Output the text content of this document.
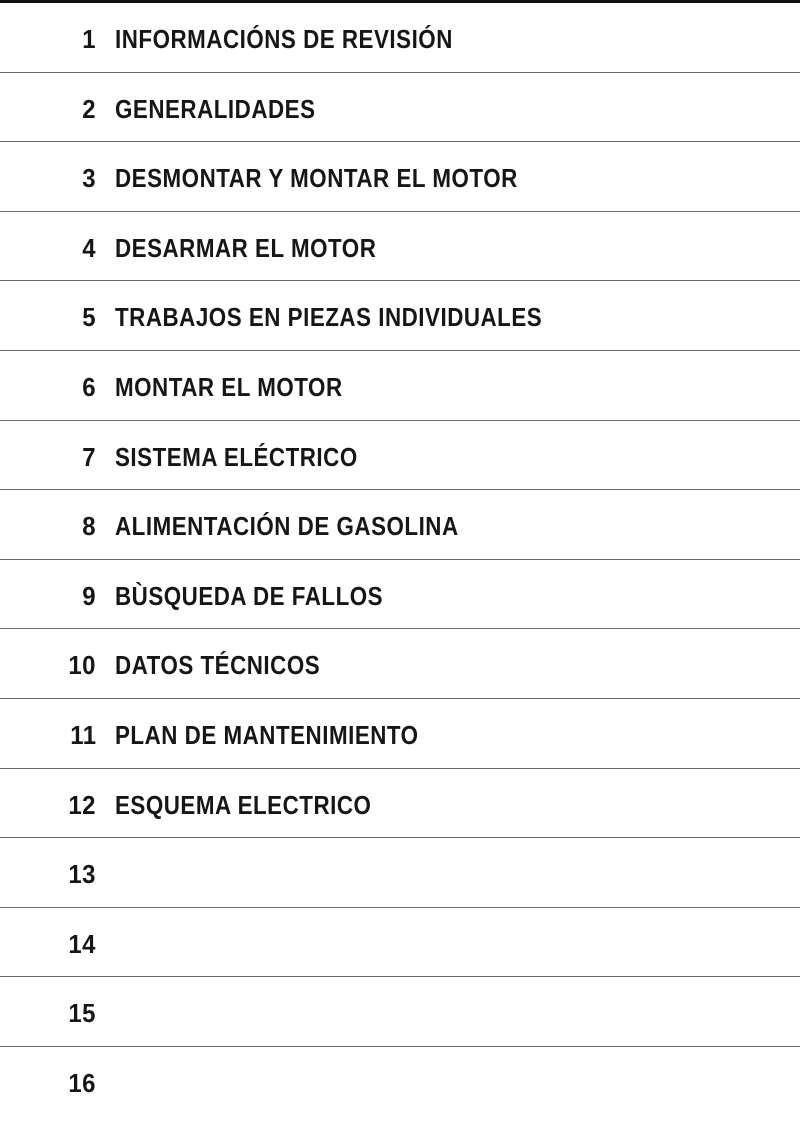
1 INFORMACIÓNS DE REVISIÓN
2 GENERALIDADES
3 DESMONTAR Y MONTAR EL MOTOR
4 DESARMAR EL MOTOR
5 TRABAJOS EN PIEZAS INDIVIDUALES
6 MONTAR EL MOTOR
7 SISTEMA ELÉCTRICO
8 ALIMENTACIÓN DE GASOLINA
9 BÙSQUEDA DE FALLOS
10 DATOS TÉCNICOS
11 PLAN DE MANTENIMIENTO
12 ESQUEMA ELECTRICO
13
14
15
16
